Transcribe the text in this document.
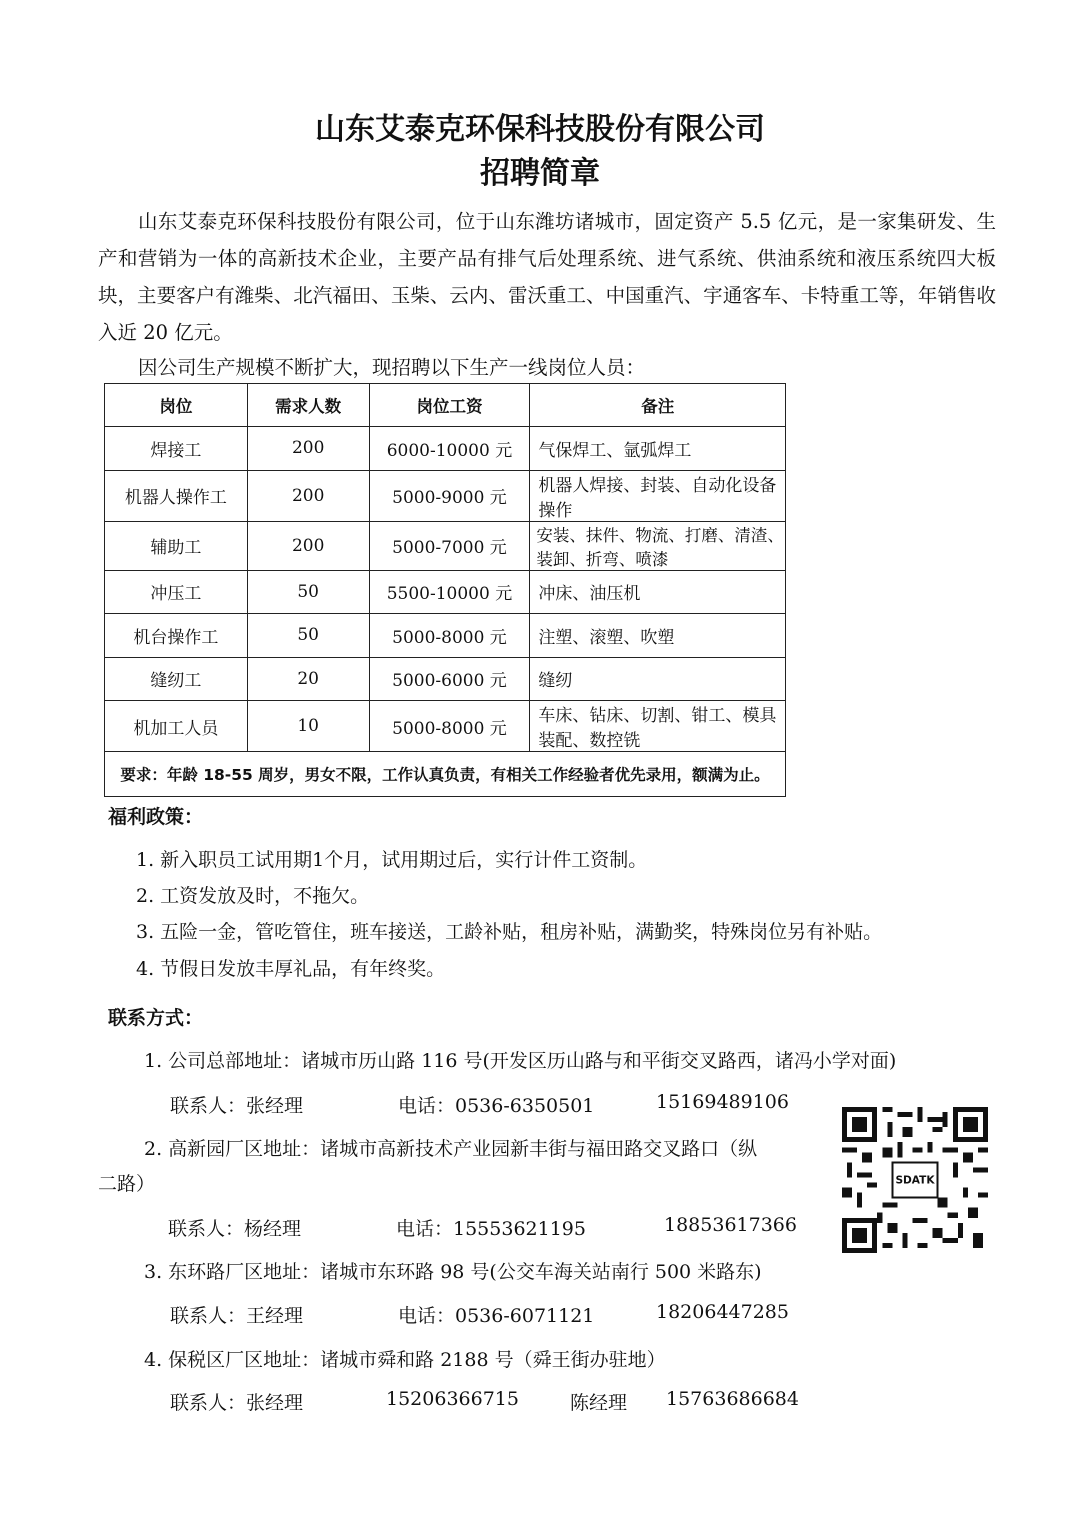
山东艾泰克环保科技股份有限公司
招聘简章
山东艾泰克环保科技股份有限公司，位于山东潍坊诸城市，固定资产 5.5 亿元，是一家集研发、生产和营销为一体的高新技术企业，主要产品有排气后处理系统、进气系统、供油系统和液压系统四大板块，主要客户有潍柴、北汽福田、玉柴、云内、雷沃重工、中国重汽、宇通客车、卡特重工等，年销售收入近 20 亿元。
因公司生产规模不断扩大，现招聘以下生产一线岗位人员：
岗位	需求人数	岗位工资	备注
焊接工	200	6000-10000 元	气保焊工、氩弧焊工
机器人操作工	200	5000-9000 元	机器人焊接、封装、自动化设备操作
辅助工	200	5000-7000 元	安装、抹件、物流、打磨、清渣、装卸、折弯、喷漆
冲压工	50	5500-10000 元	冲床、油压机
机台操作工	50	5000-8000 元	注塑、滚塑、吹塑
缝纫工	20	5000-6000 元	缝纫
机加工人员	10	5000-8000 元	车床、钻床、切割、钳工、模具装配、数控铣
要求：年龄 18-55 周岁，男女不限，工作认真负责，有相关工作经验者优先录用，额满为止。			
福利政策：
1. 新入职员工试用期1个月，试用期过后，实行计件工资制。
2. 工资发放及时，不拖欠。
3. 五险一金，管吃管住，班车接送，工龄补贴，租房补贴，满勤奖，特殊岗位另有补贴。
4. 节假日发放丰厚礼品，有年终奖。
联系方式：
1. 公司总部地址：诸城市历山路 116 号(开发区历山路与和平街交叉路西，诸冯小学对面)
联系人：张经理	电话：0536-6350501	15169489106
2. 高新园厂区地址：诸城市高新技术产业园新丰街与福田路交叉路口（纵
二路）
联系人：杨经理	电话：15553621195	18853617366
3. 东环路厂区地址：诸城市东环路 98 号(公交车海关站南行 500 米路东)
联系人：王经理	电话：0536-6071121	18206447285
4. 保税区厂区地址：诸城市舜和路 2188 号（舜王街办驻地）
联系人：张经理	15206366715	陈经理 15763686684
SDATK
